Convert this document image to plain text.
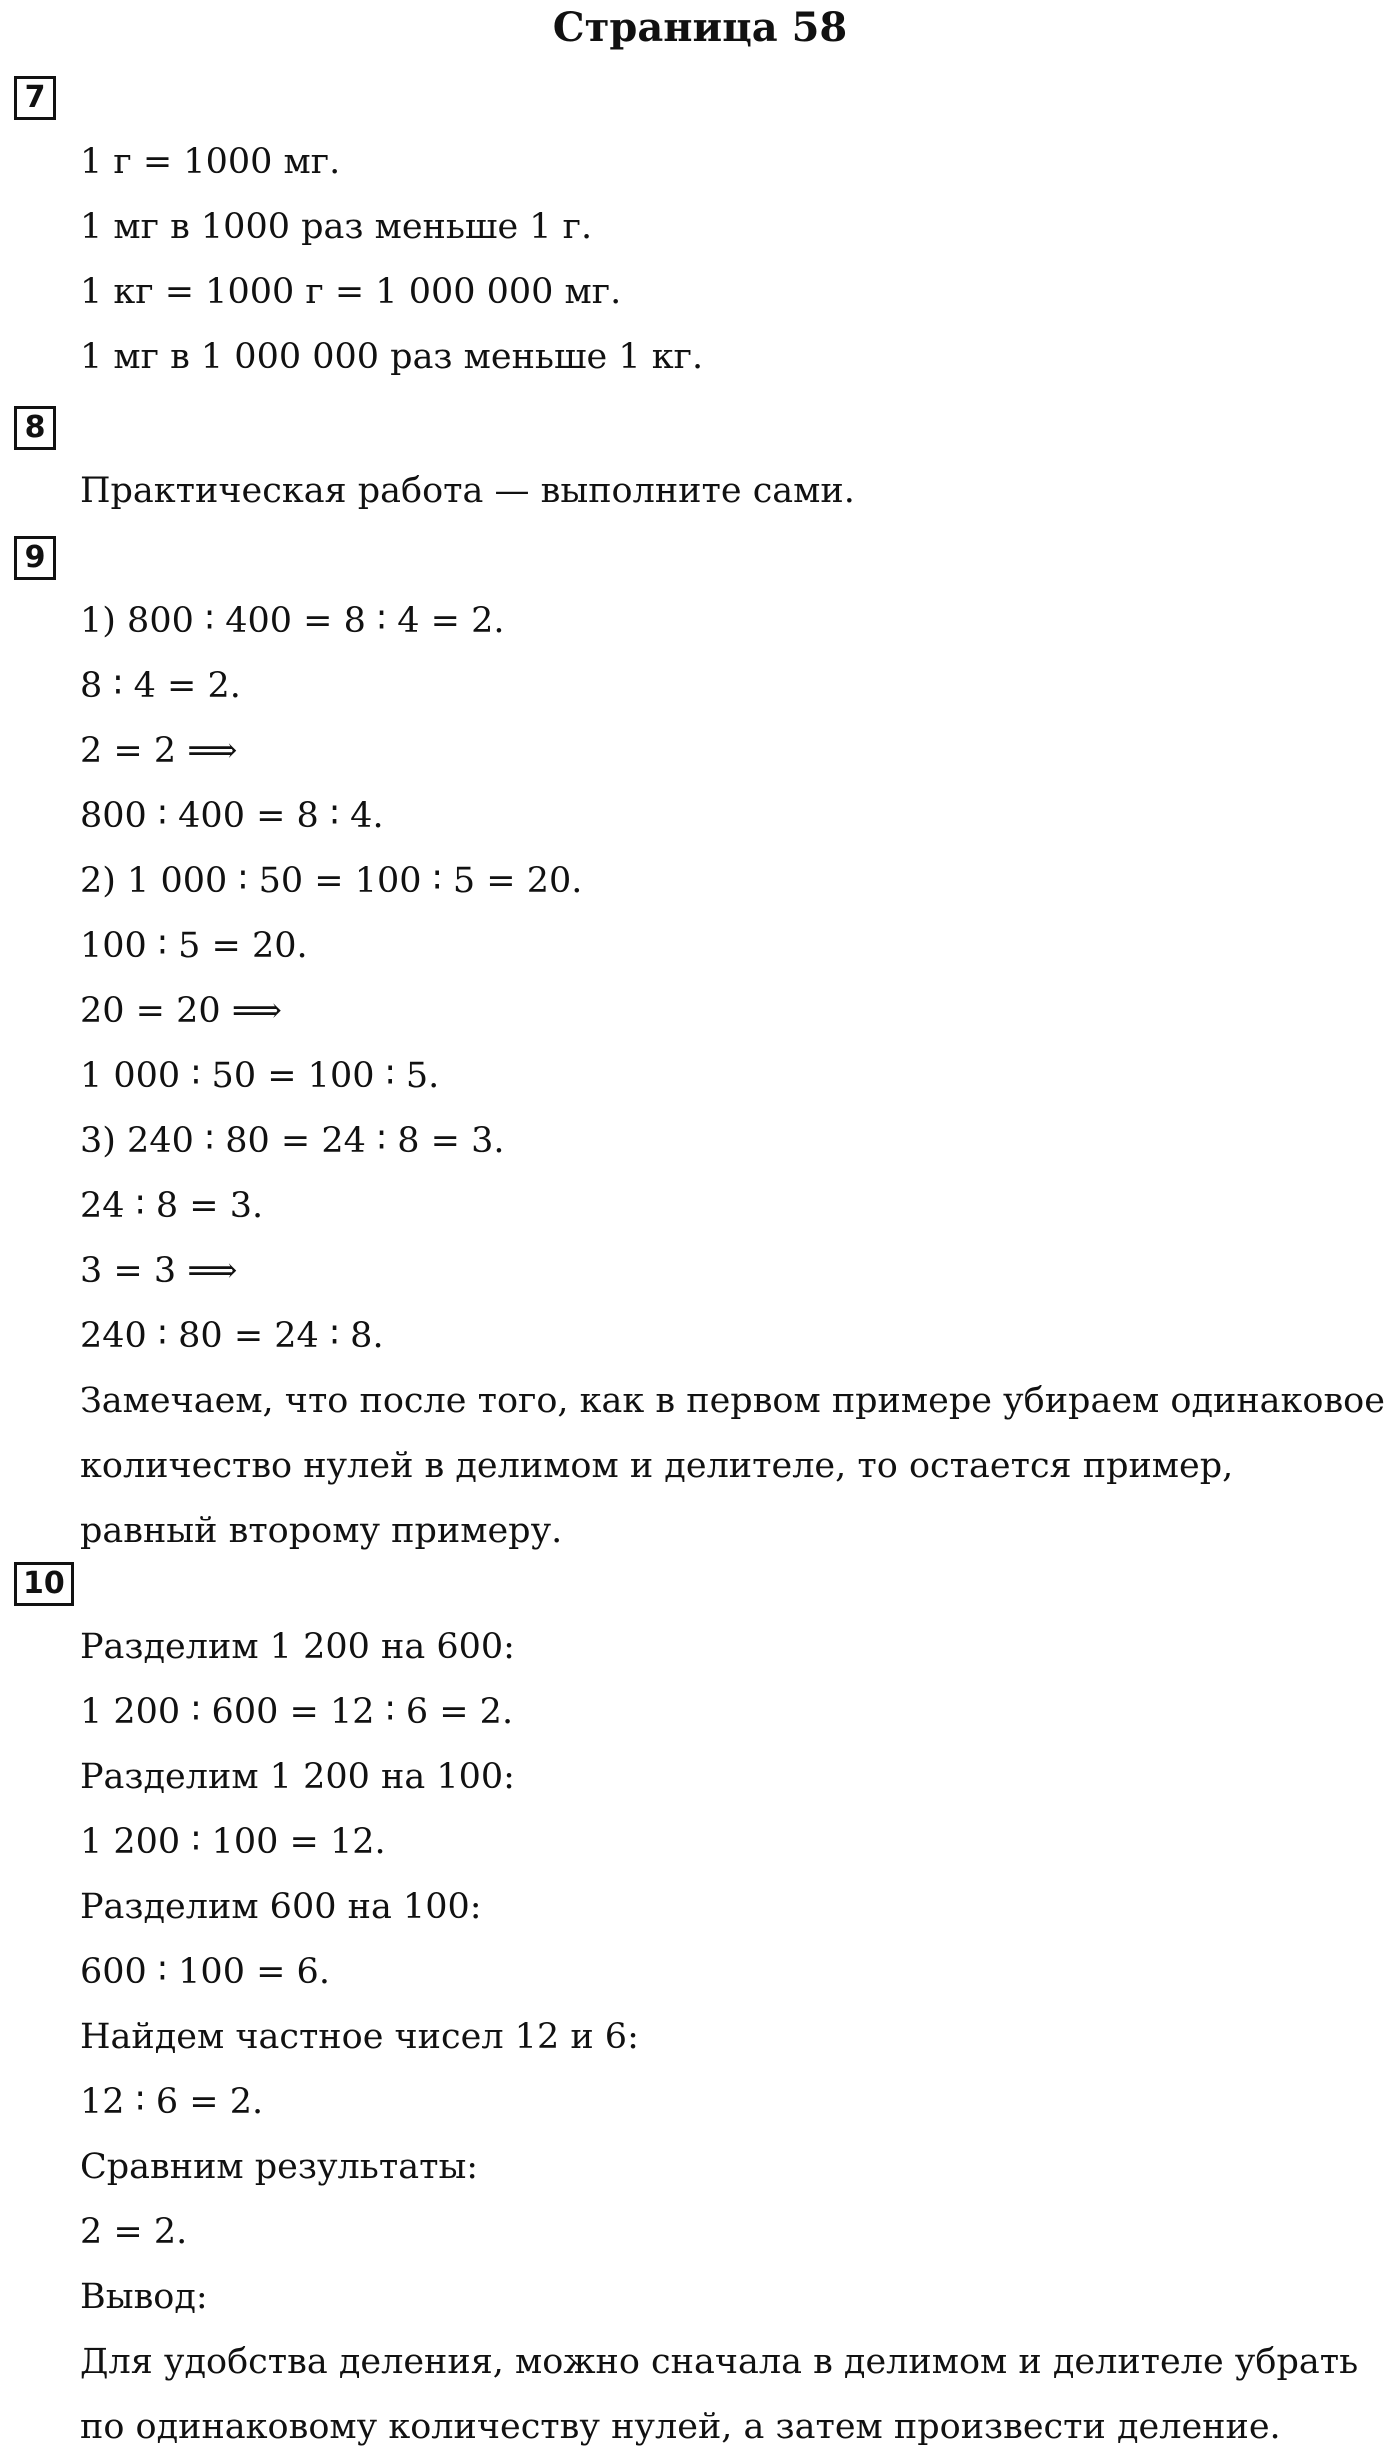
Страница 58
7
1 г = 1000 мг.
1 мг в 1000 раз меньше 1 г.
1 кг = 1000 г = 1 000 000 мг.
1 мг в 1 000 000 раз меньше 1 кг.
8
Практическая работа — выполните сами.
9
1) 800 ∶ 400 = 8 ∶ 4 = 2.
8 ∶ 4 = 2.
2 = 2 ⟹
800 ∶ 400 = 8 ∶ 4.
2) 1 000 ∶ 50 = 100 ∶ 5 = 20.
100 ∶ 5 = 20.
20 = 20 ⟹
1 000 ∶ 50 = 100 ∶ 5.
3) 240 ∶ 80 = 24 ∶ 8 = 3.
24 ∶ 8 = 3.
3 = 3 ⟹
240 ∶ 80 = 24 ∶ 8.
Замечаем, что после того, как в первом примере убираем одинаковое
количество нулей в делимом и делителе, то остается пример,
равный второму примеру.
10
Разделим 1 200 на 600:
1 200 ∶ 600 = 12 ∶ 6 = 2.
Разделим 1 200 на 100:
1 200 ∶ 100 = 12.
Разделим 600 на 100:
600 ∶ 100 = 6.
Найдем частное чисел 12 и 6:
12 ∶ 6 = 2.
Сравним результаты:
2 = 2.
Вывод:
Для удобства деления, можно сначала в делимом и делителе убрать
по одинаковому количеству нулей, а затем произвести деление.
